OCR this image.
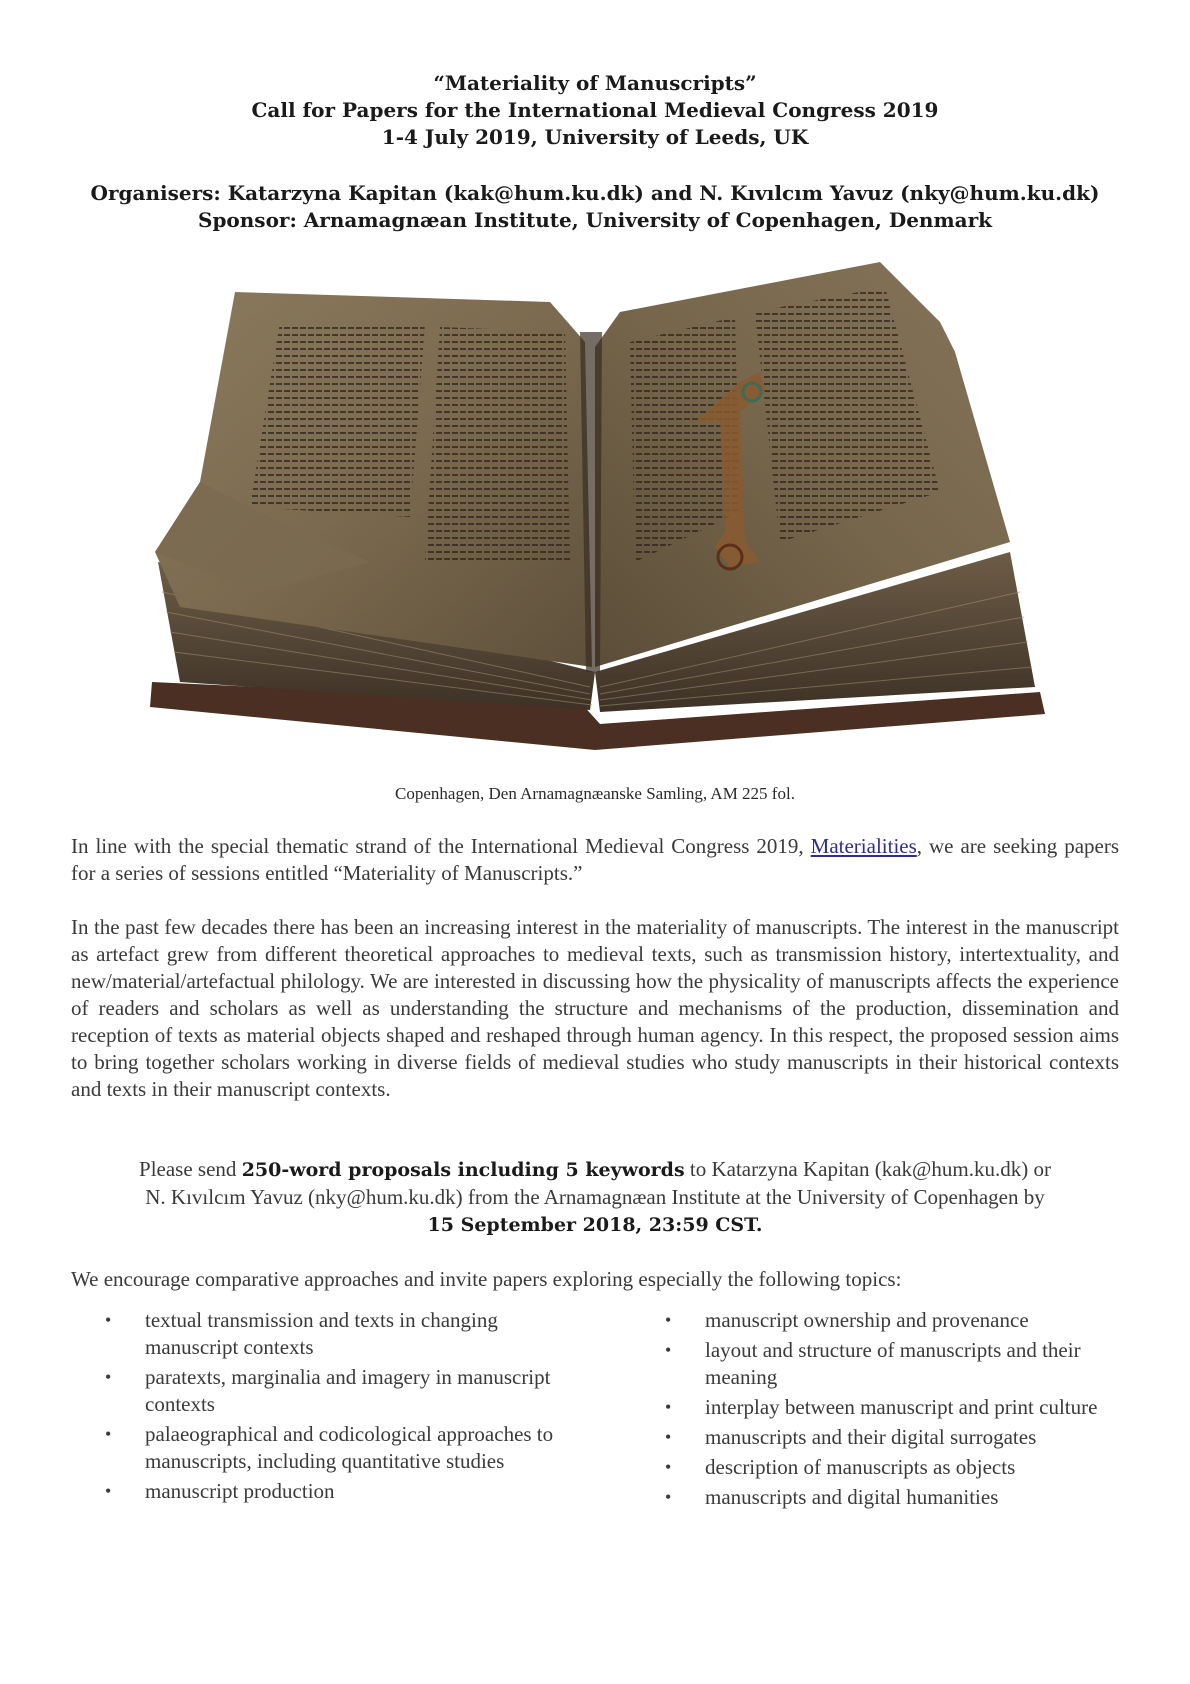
“Materiality of Manuscripts”
Call for Papers for the International Medieval Congress 2019
1-4 July 2019, University of Leeds, UK
Organisers: Katarzyna Kapitan (kak@hum.ku.dk) and N. Kıvılcım Yavuz (nky@hum.ku.dk)
Sponsor: Arnamagnæan Institute, University of Copenhagen, Denmark
Copenhagen, Den Arnamagnæanske Samling, AM 225 fol.

In line with the special thematic strand of the International Medieval Congress 2019, Materialities, we are seeking papers for a series of sessions entitled “Materiality of Manuscripts.”

In the past few decades there has been an increasing interest in the materiality of manuscripts. The interest in the manuscript as artefact grew from different theoretical approaches to medieval texts, such as transmission history, intertextuality, and new/material/artefactual philology. We are interested in discussing how the physicality of manuscripts affects the experience of readers and scholars as well as understanding the structure and mechanisms of the production, dissemination and reception of texts as material objects shaped and reshaped through human agency. In this respect, the proposed session aims to bring together scholars working in diverse fields of medieval studies who study manuscripts in their historical contexts and texts in their manuscript contexts.

Please send 250-word proposals including 5 keywords to Katarzyna Kapitan (kak@hum.ku.dk) or
N. Kıvılcım Yavuz (nky@hum.ku.dk) from the Arnamagnæan Institute at the University of Copenhagen by
15 September 2018, 23:59 CST.

We encourage comparative approaches and invite papers exploring especially the following topics:

• textual transmission and texts in changing manuscript contexts
• paratexts, marginalia and imagery in manuscript contexts
• palaeographical and codicological approaches to manuscripts, including quantitative studies
• manuscript production
• manuscript ownership and provenance
• layout and structure of manuscripts and their meaning
• interplay between manuscript and print culture
• manuscripts and their digital surrogates
• description of manuscripts as objects
• manuscripts and digital humanities
